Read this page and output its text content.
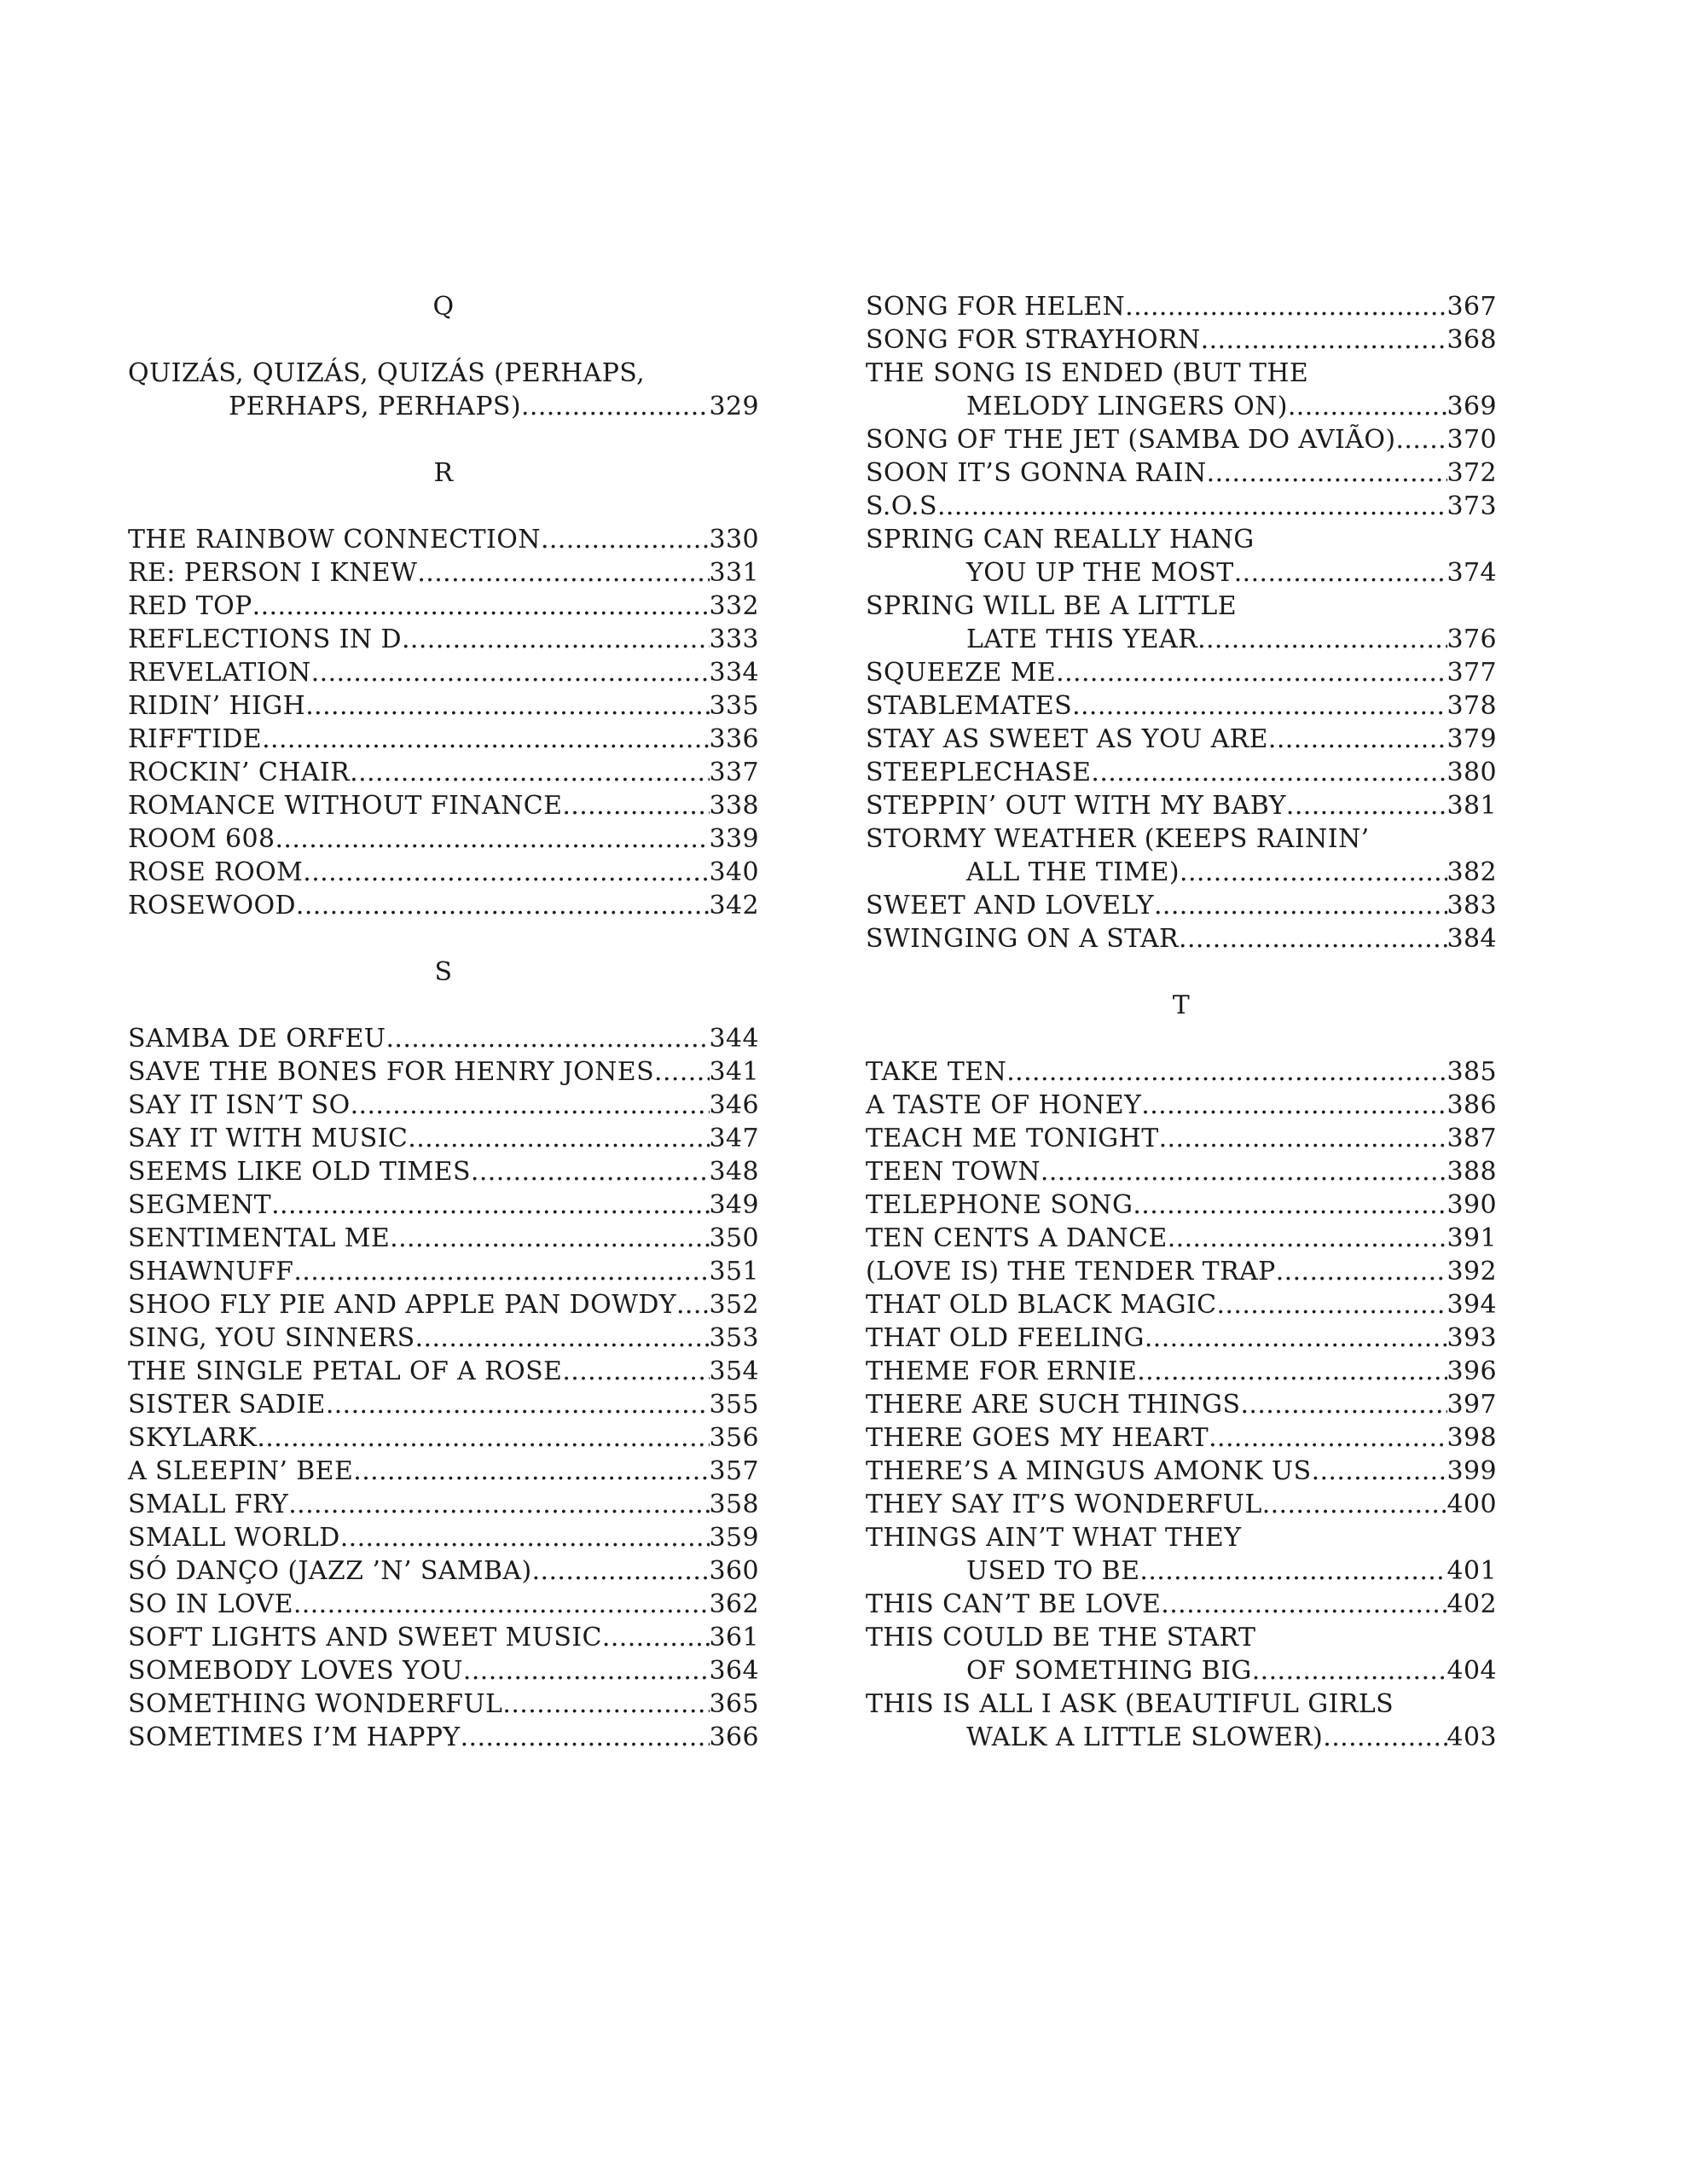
Q
QUIZÁS, QUIZÁS, QUIZÁS (PERHAPS,
PERHAPS, PERHAPS) .....	329
R
THE RAINBOW CONNECTION .....	330
RE: PERSON I KNEW .....	331
RED TOP .....	332
REFLECTIONS IN D .....	333
REVELATION .....	334
RIDIN’ HIGH .....	335
RIFFTIDE .....	336
ROCKIN’ CHAIR .....	337
ROMANCE WITHOUT FINANCE .....	338
ROOM 608 .....	339
ROSE ROOM .....	340
ROSEWOOD .....	342
S
SAMBA DE ORFEU .....	344
SAVE THE BONES FOR HENRY JONES ..... 341
SAY IT ISN’T SO .....	346
SAY IT WITH MUSIC .....	347
SEEMS LIKE OLD TIMES .....	348
SEGMENT .....	349
SENTIMENTAL ME .....	350
SHAWNUFF .....	351
SHOO FLY PIE AND APPLE PAN DOWDY ..... 352
SING, YOU SINNERS .....	353
THE SINGLE PETAL OF A ROSE .....	354
SISTER SADIE .....	355
SKYLARK .....	356
A SLEEPIN’ BEE .....	357
SMALL FRY .....	358
SMALL WORLD .....	359
SÓ DANÇO (JAZZ ’N’ SAMBA) .....	360
SO IN LOVE .....	362
SOFT LIGHTS AND SWEET MUSIC .....	361
SOMEBODY LOVES YOU .....	364
SOMETHING WONDERFUL .....	365
SOMETIMES I’M HAPPY .....	366
SONG FOR HELEN .....	367
SONG FOR STRAYHORN .....	368
THE SONG IS ENDED (BUT THE
MELODY LINGERS ON) .....	369
SONG OF THE JET (SAMBA DO AVIÃO) ..... 370
SOON IT’S GONNA RAIN .....	372
S.O.S .....	373
SPRING CAN REALLY HANG
YOU UP THE MOST .....	374
SPRING WILL BE A LITTLE
LATE THIS YEAR .....	376
SQUEEZE ME .....	377
STABLEMATES .....	378
STAY AS SWEET AS YOU ARE .....	379
STEEPLECHASE .....	380
STEPPIN’ OUT WITH MY BABY .....	381
STORMY WEATHER (KEEPS RAININ’
ALL THE TIME) .....	382
SWEET AND LOVELY .....	383
SWINGING ON A STAR .....	384
T
TAKE TEN .....	385
A TASTE OF HONEY .....	386
TEACH ME TONIGHT .....	387
TEEN TOWN .....	388
TELEPHONE SONG .....	390
TEN CENTS A DANCE .....	391
(LOVE IS) THE TENDER TRAP .....	392
THAT OLD BLACK MAGIC .....	394
THAT OLD FEELING .....	393
THEME FOR ERNIE .....	396
THERE ARE SUCH THINGS .....	397
THERE GOES MY HEART .....	398
THERE’S A MINGUS AMONK US .....	399
THEY SAY IT’S WONDERFUL .....	400
THINGS AIN’T WHAT THEY
USED TO BE .....	401
THIS CAN’T BE LOVE .....	402
THIS COULD BE THE START
OF SOMETHING BIG .....	404
THIS IS ALL I ASK (BEAUTIFUL GIRLS
WALK A LITTLE SLOWER) .....	403
